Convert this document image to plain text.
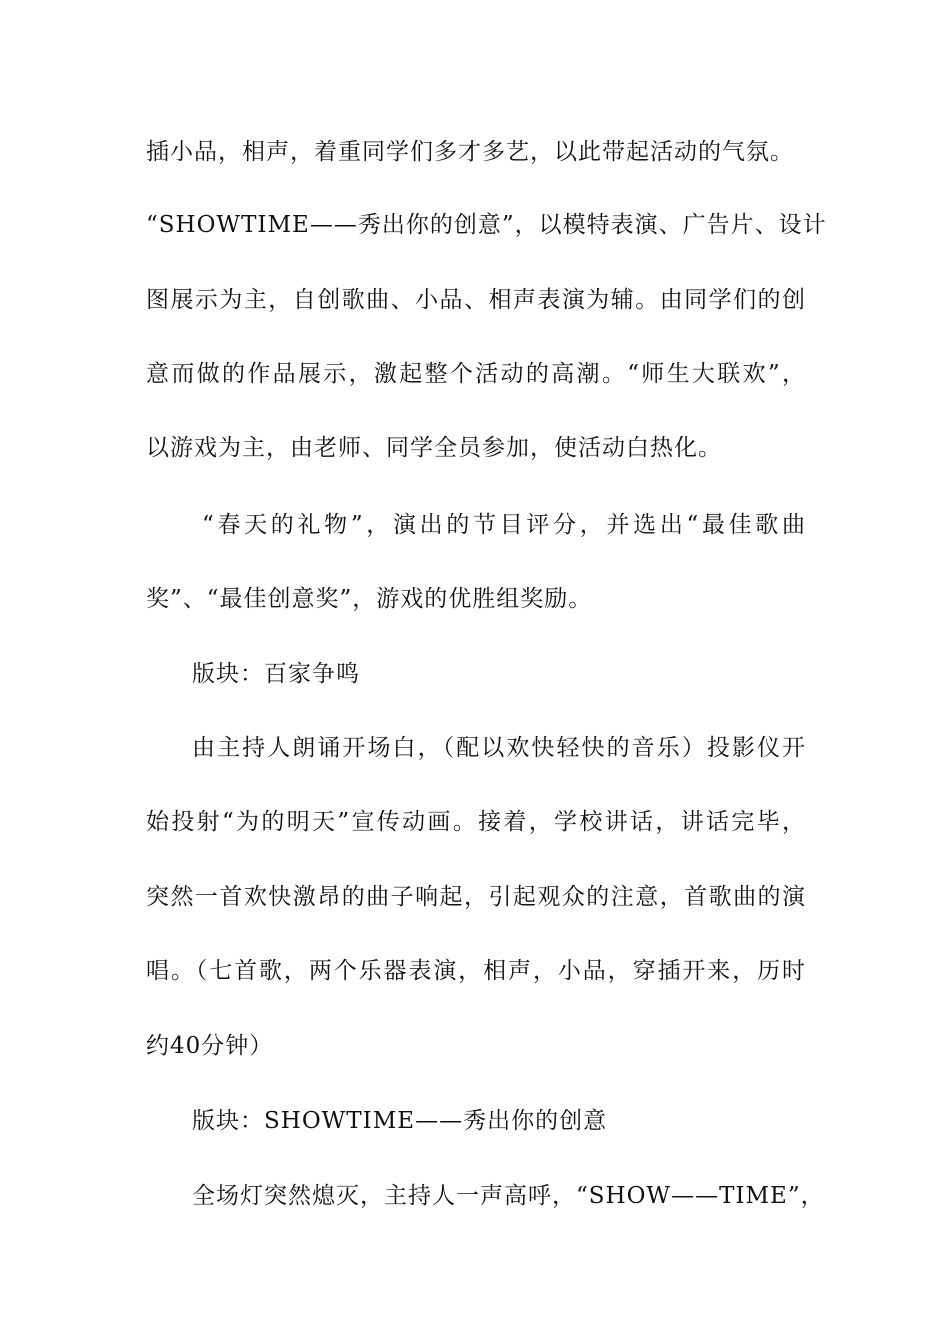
插小品，相声，着重同学们多才多艺，以此带起活动的气氛。
“SHOWTIME——秀出你的创意”，以模特表演、广告片、设计
图展示为主，自创歌曲、小品、相声表演为辅。由同学们的创
意而做的作品展示，激起整个活动的高潮。“师生大联欢”，
以游戏为主，由老师、同学全员参加，使活动白热化。
“春天的礼物”，演出的节目评分，并选出“最佳歌曲
奖”、“最佳创意奖”，游戏的优胜组奖励。
版块：百家争鸣
由主持人朗诵开场白，（配以欢快轻快的音乐）投影仪开
始投射“为的明天”宣传动画。接着，学校讲话，讲话完毕，
突然一首欢快激昂的曲子响起，引起观众的注意，首歌曲的演
唱。（七首歌，两个乐器表演，相声，小品，穿插开来，历时
约40分钟）
版块：SHOWTIME——秀出你的创意
全场灯突然熄灭，主持人一声高呼，“SHOW——TIME”，
